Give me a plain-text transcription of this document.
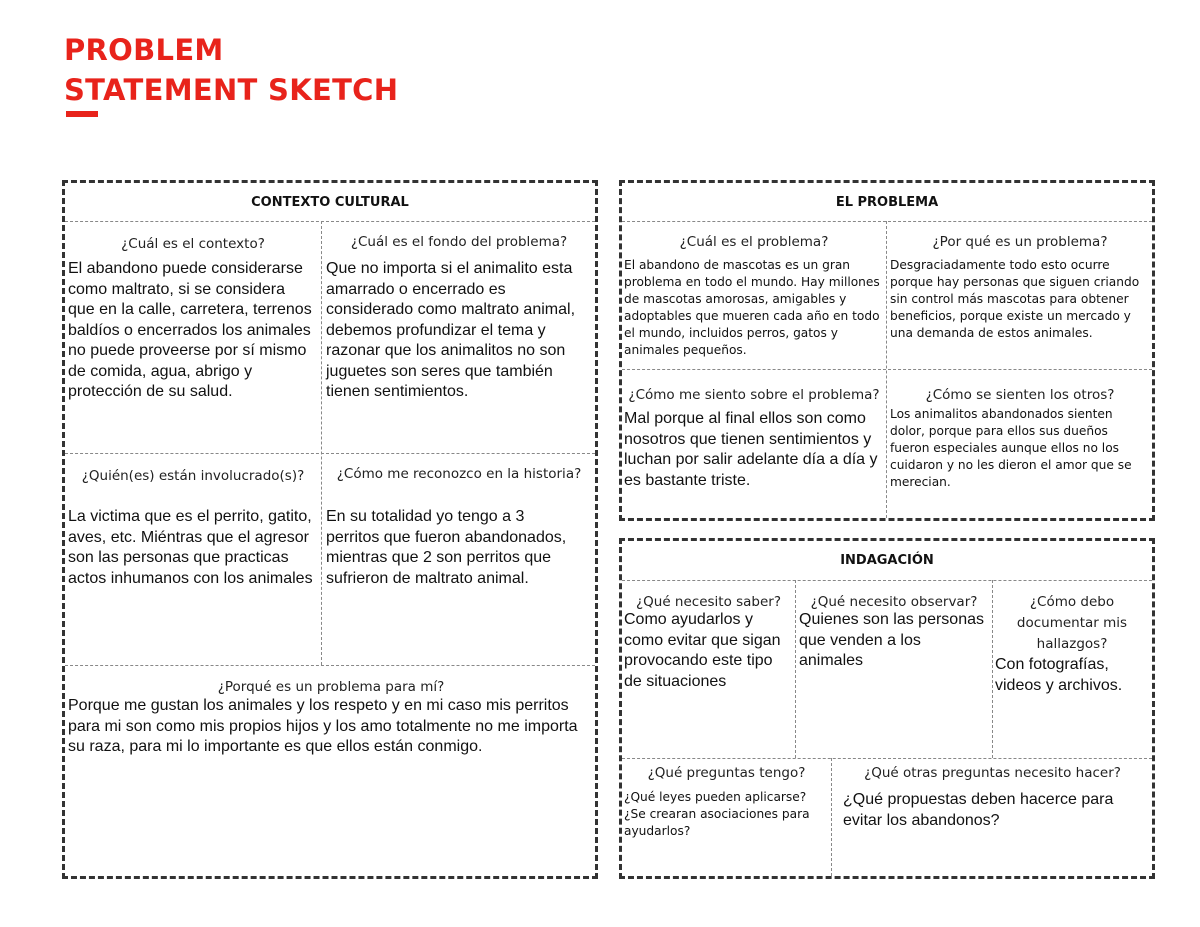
PROBLEM
STATEMENT SKETCH
CONTEXTO CULTURAL
¿Cuál es el contexto?
El abandono puede considerarse como maltrato, si se considera que en la calle, carretera, terrenos baldíos o encerrados los animales no puede proveerse por sí mismo de comida, agua, abrigo y protección de su salud.
¿Cuál es el fondo del problema?
Que no importa si el animalito esta amarrado o encerrado es considerado como maltrato animal, debemos profundizar el tema y razonar que los animalitos no son juguetes son seres que también tienen sentimientos.
¿Quién(es) están involucrado(s)?
La victima que es el perrito, gatito, aves, etc. Miéntras que el agresor son las personas que practicas actos inhumanos con los animales
¿Cómo me reconozco en la historia?
En su totalidad yo tengo a 3 perritos que fueron abandonados, mientras que 2 son perritos que sufrieron de maltrato animal.
¿Porqué es un problema para mí?
Porque me gustan los animales y los respeto y en mi caso mis perritos para mi son como mis propios hijos y los amo totalmente no me importa su raza, para mi lo importante es que ellos están conmigo.
EL PROBLEMA
¿Cuál es el problema?
El abandono de mascotas es un gran problema en todo el mundo. Hay millones de mascotas amorosas, amigables y adoptables que mueren cada año en todo el mundo, incluidos perros, gatos y animales pequeños.
¿Por qué es un problema?
Desgraciadamente todo esto ocurre porque hay personas que siguen criando sin control más mascotas para obtener beneficios, porque existe un mercado y una demanda de estos animales.
¿Cómo me siento sobre el problema?
Mal porque al final ellos son como nosotros que tienen sentimientos y luchan por salir adelante día a día y es bastante triste.
¿Cómo se sienten los otros?
Los animalitos abandonados sienten dolor, porque para ellos sus dueños fueron especiales aunque ellos no los cuidaron y no les dieron el amor que se merecian.
INDAGACIÓN
¿Qué necesito saber?
Como ayudarlos y como evitar que sigan provocando este tipo de situaciones
¿Qué necesito observar?
Quienes son las personas que venden a los animales
¿Cómo debo documentar mis hallazgos?
Con fotografías, videos y archivos.
¿Qué preguntas tengo?
¿Qué leyes pueden aplicarse?
¿Se crearan asociaciones para ayudarlos?
¿Qué otras preguntas necesito hacer?
¿Qué propuestas deben hacerce para evitar los abandonos?
